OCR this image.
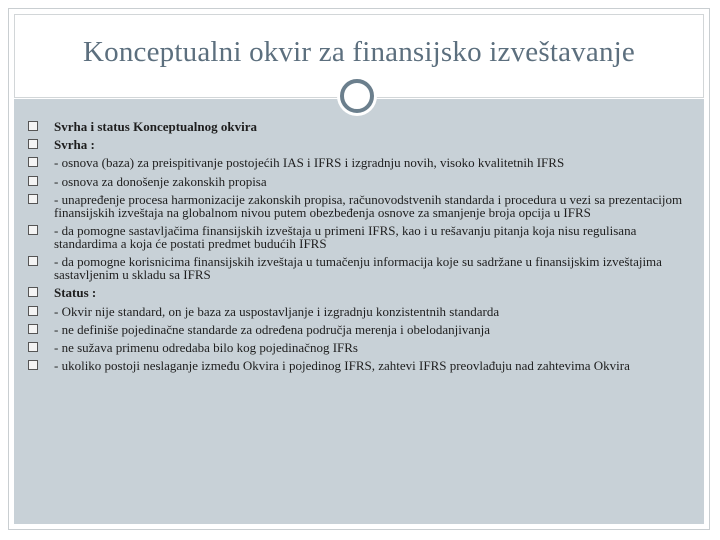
Konceptualni okvir za finansijsko izveštavanje
Svrha i status Konceptualnog okvira
Svrha :
- osnova (baza) za preispitivanje postojećih IAS i IFRS i izgradnju novih, visoko kvalitetnih IFRS
- osnova za donošenje zakonskih propisa
- unapređenje procesa harmonizacije zakonskih propisa, računovodstvenih standarda i procedura u vezi sa prezentacijom finansijskih izveštaja na globalnom nivou putem obezbeđenja osnove za smanjenje broja opcija u IFRS
- da pomogne sastavljačima finansijskih izveštaja u primeni IFRS, kao i u rešavanju pitanja koja nisu regulisana standardima a koja će postati predmet budućih IFRS
- da pomogne korisnicima finansijskih izveštaja u tumačenju informacija koje su sadržane u finansijskim izveštajima sastavljenim u skladu sa IFRS
Status :
- Okvir nije standard, on je baza za uspostavljanje i izgradnju konzistentnih standarda
- ne definiše pojedinačne standarde za određena područja merenja i obelodanjivanja
- ne sužava primenu odredaba bilo kog pojedinačnog IFRs
- ukoliko postoji neslaganje između Okvira i pojedinog IFRS, zahtevi IFRS preovlađuju nad zahtevima Okvira
